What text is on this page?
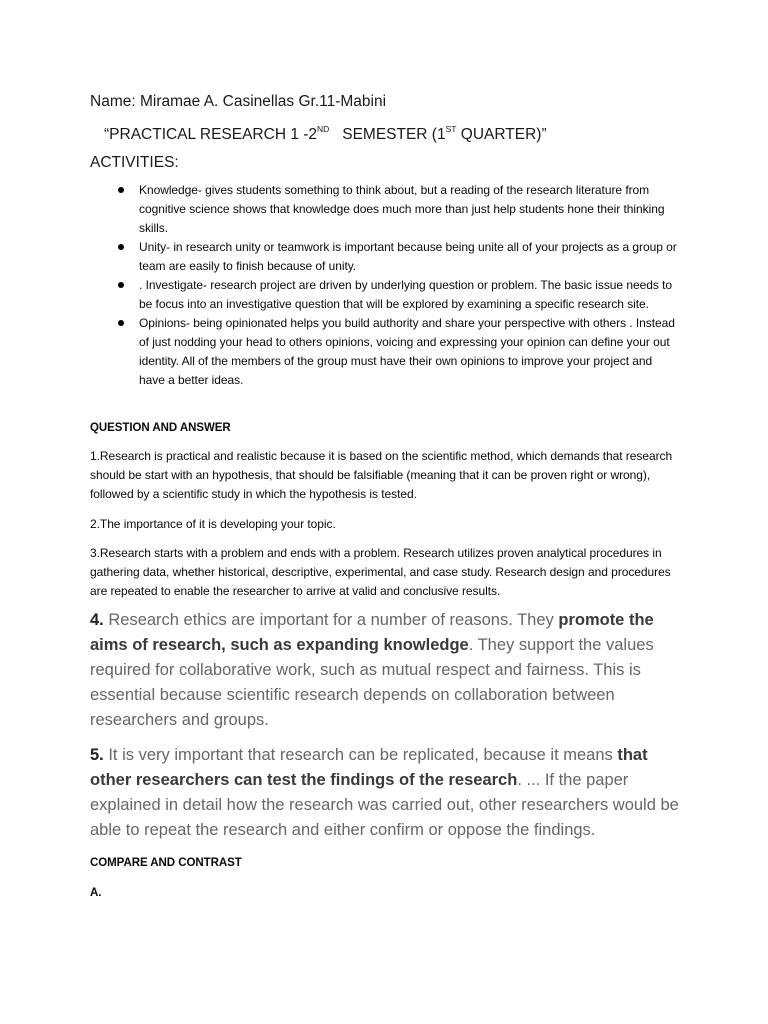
Name: Miramae A. Casinellas Gr.11-Mabini
“PRACTICAL RESEARCH 1 -2ND   SEMESTER (1ST QUARTER)”
ACTIVITIES:
Knowledge- gives students something to think about, but a reading of the research literature from cognitive science shows that knowledge does much more than just help students hone their thinking skills.
Unity- in research unity or teamwork is important because being unite all of your projects as a group or team are easily to finish because of unity.
. Investigate- research project are driven by underlying question or problem. The basic issue needs to be focus into an investigative question that will be explored by examining a specific research site.
Opinions- being opinionated helps you build authority and share your perspective with others . Instead of just nodding your head to others opinions, voicing and expressing your opinion can define your out identity. All of the members of the group must have their own opinions to improve your project and have a better ideas.
QUESTION AND ANSWER
1.Research is practical and realistic because it is based on the scientific method, which demands that research should be start with an hypothesis, that should be falsifiable (meaning that it can be proven right or wrong), followed by a scientific study in which the hypothesis is tested.
2.The importance of it is developing your topic.
3.Research starts with a problem and ends with a problem. Research utilizes proven analytical procedures in gathering data, whether historical, descriptive, experimental, and case study. Research design and procedures are repeated to enable the researcher to arrive at valid and conclusive results.
4. Research ethics are important for a number of reasons. They promote the aims of research, such as expanding knowledge. They support the values required for collaborative work, such as mutual respect and fairness. This is essential because scientific research depends on collaboration between researchers and groups.
5. It is very important that research can be replicated, because it means that other researchers can test the findings of the research. ... If the paper explained in detail how the research was carried out, other researchers would be able to repeat the research and either confirm or oppose the findings.
COMPARE AND CONTRAST
A.
